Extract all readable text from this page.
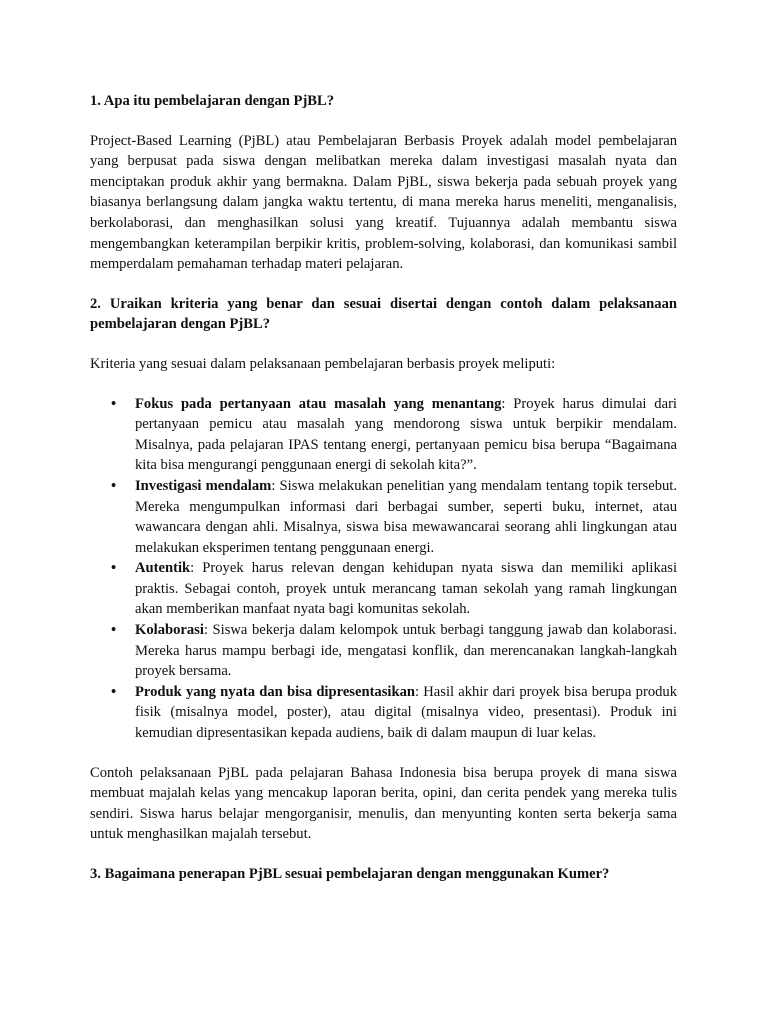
1. Apa itu pembelajaran dengan PjBL?

Project-Based Learning (PjBL) atau Pembelajaran Berbasis Proyek adalah model pembelajaran yang berpusat pada siswa dengan melibatkan mereka dalam investigasi masalah nyata dan menciptakan produk akhir yang bermakna. Dalam PjBL, siswa bekerja pada sebuah proyek yang biasanya berlangsung dalam jangka waktu tertentu, di mana mereka harus meneliti, menganalisis, berkolaborasi, dan menghasilkan solusi yang kreatif. Tujuannya adalah membantu siswa mengembangkan keterampilan berpikir kritis, problem-solving, kolaborasi, dan komunikasi sambil memperdalam pemahaman terhadap materi pelajaran.

2. Uraikan kriteria yang benar dan sesuai disertai dengan contoh dalam pelaksanaan pembelajaran dengan PjBL?

Kriteria yang sesuai dalam pelaksanaan pembelajaran berbasis proyek meliputi:

• Fokus pada pertanyaan atau masalah yang menantang: Proyek harus dimulai dari pertanyaan pemicu atau masalah yang mendorong siswa untuk berpikir mendalam. Misalnya, pada pelajaran IPAS tentang energi, pertanyaan pemicu bisa berupa “Bagaimana kita bisa mengurangi penggunaan energi di sekolah kita?”.
• Investigasi mendalam: Siswa melakukan penelitian yang mendalam tentang topik tersebut. Mereka mengumpulkan informasi dari berbagai sumber, seperti buku, internet, atau wawancara dengan ahli. Misalnya, siswa bisa mewawancarai seorang ahli lingkungan atau melakukan eksperimen tentang penggunaan energi.
• Autentik: Proyek harus relevan dengan kehidupan nyata siswa dan memiliki aplikasi praktis. Sebagai contoh, proyek untuk merancang taman sekolah yang ramah lingkungan akan memberikan manfaat nyata bagi komunitas sekolah.
• Kolaborasi: Siswa bekerja dalam kelompok untuk berbagi tanggung jawab dan kolaborasi. Mereka harus mampu berbagi ide, mengatasi konflik, dan merencanakan langkah-langkah proyek bersama.
• Produk yang nyata dan bisa dipresentasikan: Hasil akhir dari proyek bisa berupa produk fisik (misalnya model, poster), atau digital (misalnya video, presentasi). Produk ini kemudian dipresentasikan kepada audiens, baik di dalam maupun di luar kelas.

Contoh pelaksanaan PjBL pada pelajaran Bahasa Indonesia bisa berupa proyek di mana siswa membuat majalah kelas yang mencakup laporan berita, opini, dan cerita pendek yang mereka tulis sendiri. Siswa harus belajar mengorganisir, menulis, dan menyunting konten serta bekerja sama untuk menghasilkan majalah tersebut.

3. Bagaimana penerapan PjBL sesuai pembelajaran dengan menggunakan Kumer?
